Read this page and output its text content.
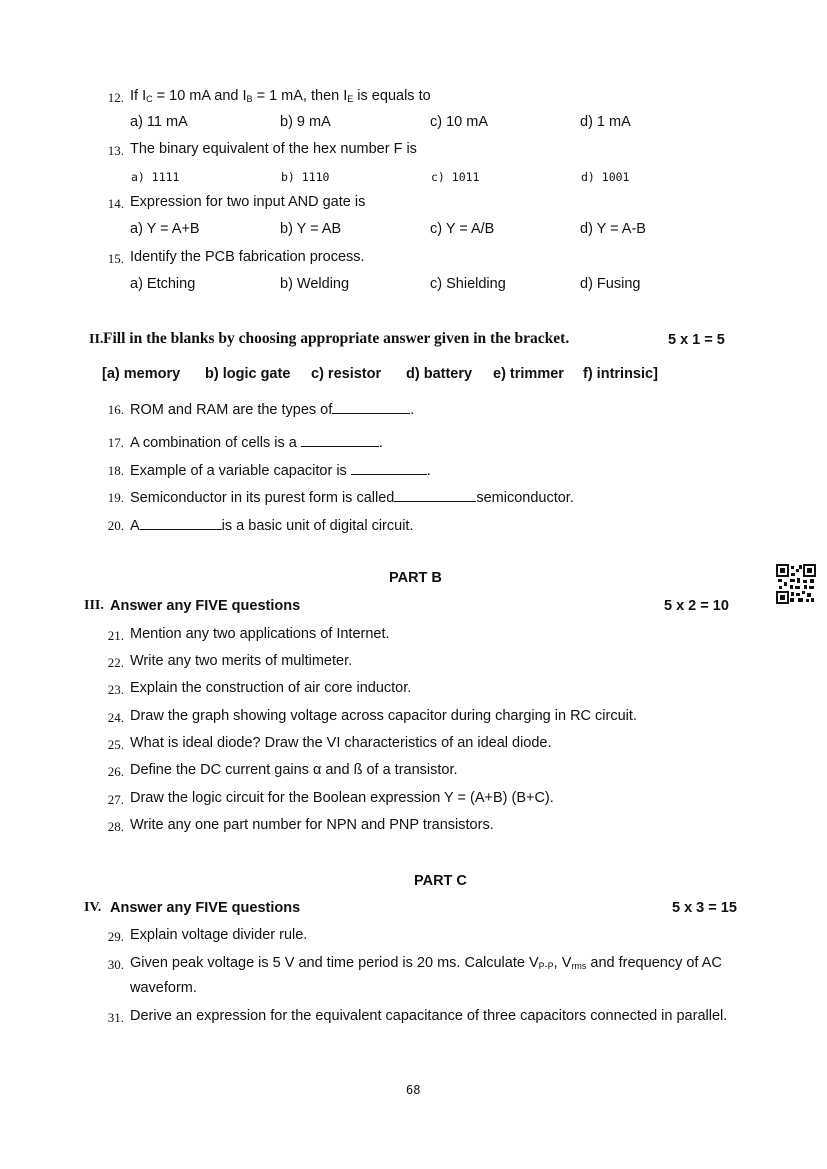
12. If $I_C = 10$ mA and $I_B = 1$ mA, then $I_E$ is equals to
a) 11 mA	b) 9 mA	c) 10 mA	d) 1 mA
13. The binary equivalent of the hex number F is
a) 1111	b) 1110	c) 1011	d) 1001
14. Expression for two input AND gate is
a) Y = A+B	b) Y = AB	c) Y = A/B	d) Y = A-B
15. Identify the PCB fabrication process.
a) Etching	b) Welding	c) Shielding	d) Fusing
II. Fill in the blanks by choosing appropriate answer given in the bracket.	5 x 1 = 5
[a) memory b) logic gate c) resistor d) battery e) trimmer f) intrinsic]
16. ROM and RAM are the types of	.
17. A combination of cells is a	.
18. Example of a variable capacitor is	.
19. Semiconductor in its purest form is called	semiconductor.
20. A	is a basic unit of digital circuit.
PART B
III. Answer any FIVE questions	5 x 2 = 10
21. Mention any two applications of Internet.
22. Write any two merits of multimeter.
23. Explain the construction of air core inductor.
24. Draw the graph showing voltage across capacitor during charging in RC circuit.
25. What is ideal diode? Draw the VI characteristics of an ideal diode.
26. Define the DC current gains α and ß of a transistor.
27. Draw the logic circuit for the Boolean expression Y = (A+B) (B+C).
28. Write any one part number for NPN and PNP transistors.
PART C
IV. Answer any FIVE questions	5 x 3 = 15
29. Explain voltage divider rule.
30. Given peak voltage is 5 V and time period is 20 ms. Calculate $V_{P-P}$, $V_{rms}$ and frequency of AC waveform.
31. Derive an expression for the equivalent capacitance of three capacitors connected in parallel.
68
